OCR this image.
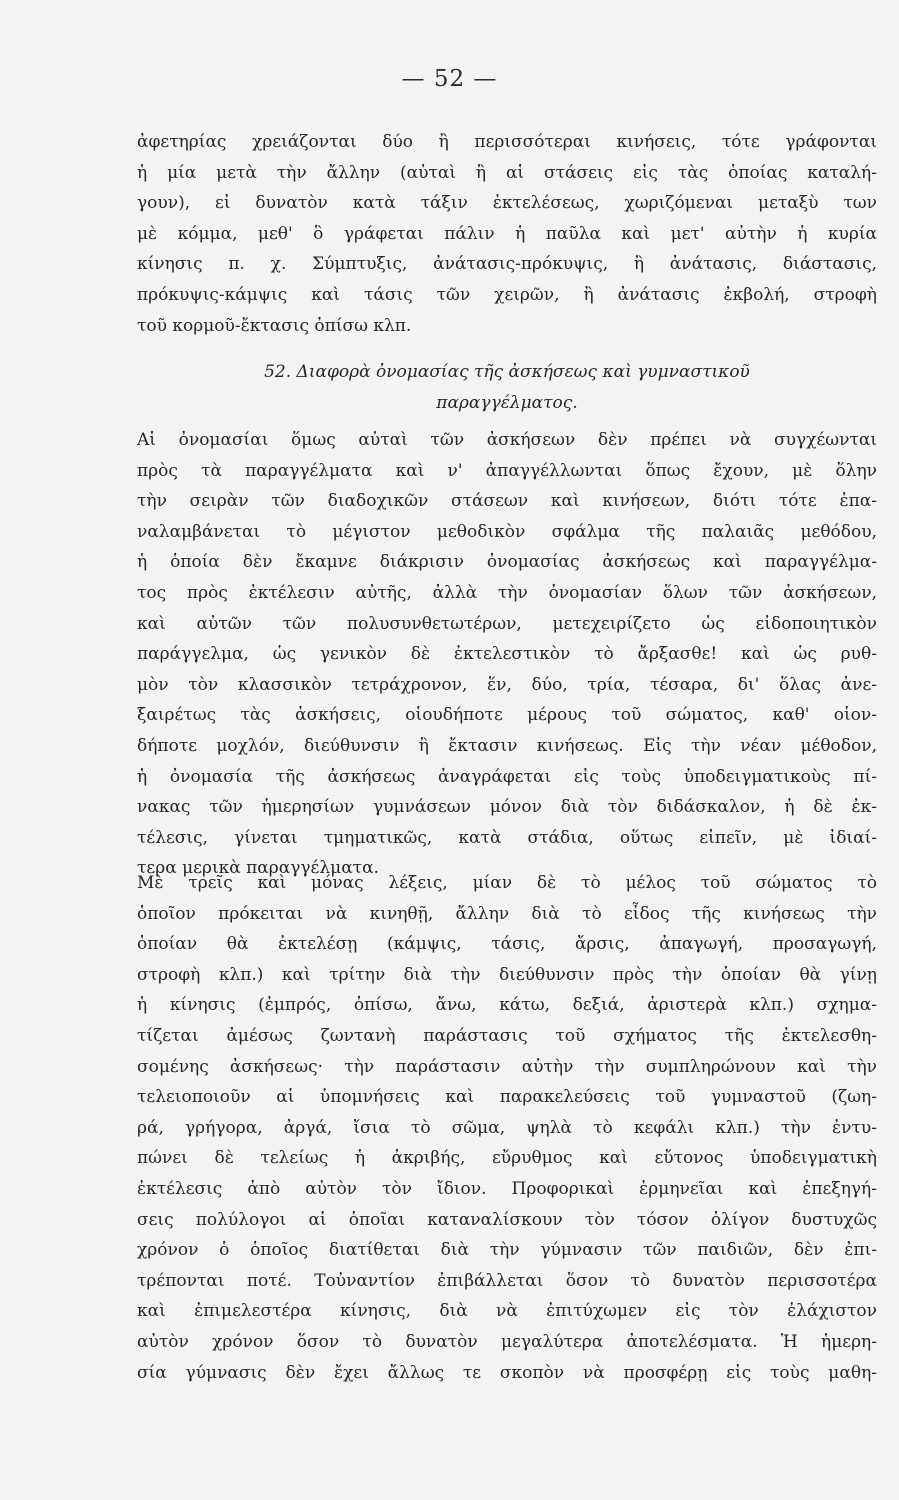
— 52 —
ἀφετηρίας χρειάζονται δύο ἢ περισσότεραι κινήσεις, τότε γράφονται
ἡ μία μετὰ τὴν ἄλλην (αὐταὶ ἢ αἱ στάσεις εἰς τὰς ὁποίας καταλή-
γουν), εἰ δυνατὸν κατὰ τάξιν ἐκτελέσεως, χωριζόμεναι μεταξὺ των
μὲ κόμμα, μεθ' ὃ γράφεται πάλιν ἡ παῦλα καὶ μετ' αὐτὴν ἡ κυρία
κίνησις π. χ. Σύμπτυξις, ἀνάτασις-πρόκυψις, ἢ ἀνάτασις, διάστασις,
πρόκυψις-κάμψις καὶ τάσις τῶν χειρῶν, ἢ ἀνάτασις ἐκβολή, στροφὴ
τοῦ κορμοῦ-ἔκτασις ὀπίσω κλπ.
52. Διαφορὰ ὀνομασίας τῆς ἀσκήσεως καὶ γυμναστικοῦ
παραγγέλματος.
Αἱ ὀνομασίαι ὅμως αὐταὶ τῶν ἀσκήσεων δὲν πρέπει νὰ συγχέωνται
πρὸς τὰ παραγγέλματα καὶ ν' ἀπαγγέλλωνται ὅπως ἔχουν, μὲ ὅλην
τὴν σειρὰν τῶν διαδοχικῶν στάσεων καὶ κινήσεων, διότι τότε ἐπα-
ναλαμβάνεται τὸ μέγιστον μεθοδικὸν σφάλμα τῆς παλαιᾶς μεθόδου,
ἡ ὁποία δὲν ἔκαμνε διάκρισιν ὀνομασίας ἀσκήσεως καὶ παραγγέλμα-
τος πρὸς ἐκτέλεσιν αὐτῆς, ἀλλὰ τὴν ὀνομασίαν ὅλων τῶν ἀσκήσεων,
καὶ αὐτῶν τῶν πολυσυνθετωτέρων, μετεχειρίζετο ὡς εἰδοποιητικὸν
παράγγελμα, ὡς γενικὸν δὲ ἐκτελεστικὸν τὸ ἄρξασθε! καὶ ὡς ρυθ-
μὸν τὸν κλασσικὸν τετράχρονον, ἕν, δύο, τρία, τέσαρα, δι' ὅλας ἀνε-
ξαιρέτως τὰς ἀσκήσεις, οἱουδήποτε μέρους τοῦ σώματος, καθ' οἱον-
δήποτε μοχλόν, διεύθυνσιν ἢ ἔκτασιν κινήσεως. Εἰς τὴν νέαν μέθοδον,
ἡ ὀνομασία τῆς ἀσκήσεως ἀναγράφεται εἰς τοὺς ὑποδειγματικοὺς πί-
νακας τῶν ἡμερησίων γυμνάσεων μόνον διὰ τὸν διδάσκαλον, ἡ δὲ ἐκ-
τέλεσις, γίνεται τμηματικῶς, κατὰ στάδια, οὕτως εἰπεῖν, μὲ ἰδιαί-
τερα μερικὰ παραγγέλματα.
Μὲ τρεῖς καὶ μόνας λέξεις, μίαν δὲ τὸ μέλος τοῦ σώματος τὸ
ὁποῖον πρόκειται νὰ κινηθῇ, ἄλλην διὰ τὸ εἶδος τῆς κινήσεως τὴν
ὁποίαν θὰ ἐκτελέσῃ (κάμψις, τάσις, ἄρσις, ἀπαγωγή, προσαγωγή,
στροφὴ κλπ.) καὶ τρίτην διὰ τὴν διεύθυνσιν πρὸς τὴν ὁποίαν θὰ γίνῃ
ἡ κίνησις (ἐμπρός, ὀπίσω, ἄνω, κάτω, δεξιά, ἀριστερὰ κλπ.) σχημα-
τίζεται ἀμέσως ζωντανὴ παράστασις τοῦ σχήματος τῆς ἐκτελεσθη-
σομένης ἀσκήσεως· τὴν παράστασιν αὐτὴν τὴν συμπληρώνουν καὶ τὴν
τελειοποιοῦν αἱ ὑπομνήσεις καὶ παρακελεύσεις τοῦ γυμναστοῦ (ζωη-
ρά, γρήγορα, ἀργά, ἴσια τὸ σῶμα, ψηλὰ τὸ κεφάλι κλπ.) τὴν ἐντυ-
πώνει δὲ τελείως ἡ ἀκριβής, εὔρυθμος καὶ εὔτονος ὑποδειγματικὴ
ἐκτέλεσις ἀπὸ αὐτὸν τὸν ἴδιον. Προφορικαὶ ἑρμηνεῖαι καὶ ἐπεξηγή-
σεις πολύλογοι αἱ ὁποῖαι καταναλίσκουν τὸν τόσον ὀλίγον δυστυχῶς
χρόνον ὁ ὁποῖος διατίθεται διὰ τὴν γύμνασιν τῶν παιδιῶν, δὲν ἐπι-
τρέπονται ποτέ. Τοὐναντίον ἐπιβάλλεται ὅσον τὸ δυνατὸν περισσοτέρα
καὶ ἐπιμελεστέρα κίνησις, διὰ νὰ ἐπιτύχωμεν εἰς τὸν ἐλάχιστον
αὐτὸν χρόνον ὅσον τὸ δυνατὸν μεγαλύτερα ἀποτελέσματα. Ἡ ἡμερη-
σία γύμνασις δὲν ἔχει ἄλλως τε σκοπὸν νὰ προσφέρῃ εἰς τοὺς μαθη-
